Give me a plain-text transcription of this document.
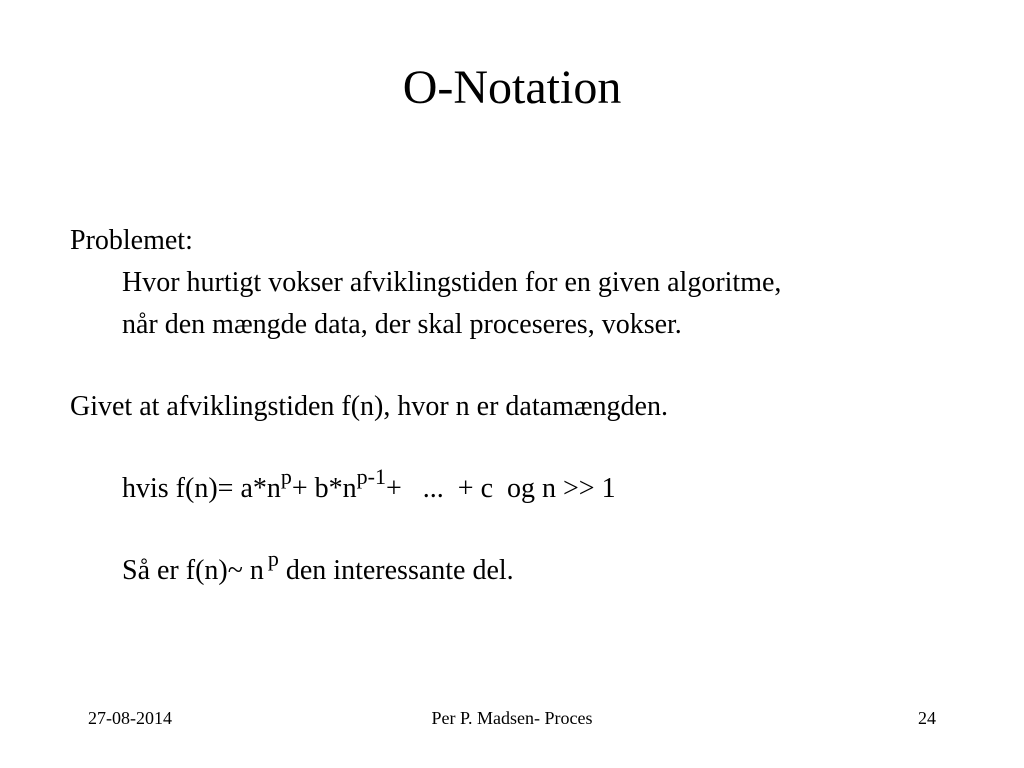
O-Notation
Problemet:
Hvor hurtigt vokser afviklingstiden for en given algoritme,
når den mængde data, der skal proceseres, vokser.
Givet at afviklingstiden f(n), hvor n er datamængden.
hvis $f(n)= a*n^p+ b*n^{p-1}+$   ...  + c  og n >> 1
Så er f(n)~ n $^p$ den interessante del.
27-08-2014	Per P. Madsen- Proces	24
